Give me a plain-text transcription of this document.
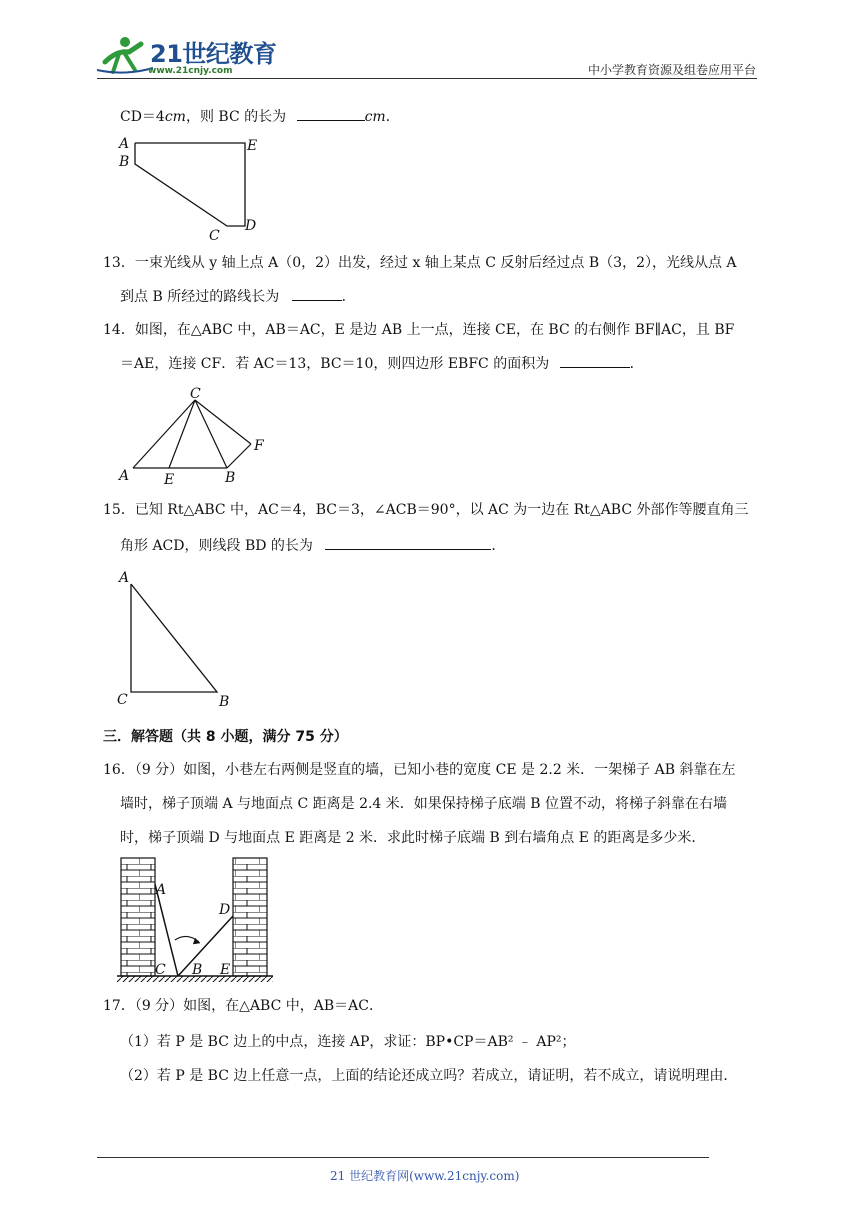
21世纪教育
www.21cnjy.com	中小学教育资源及组卷应用平台
CD＝4cm，则 BC 的长为	cm．
A
B
E
C
D
13．一束光线从 y 轴上点 A（0，2）出发，经过 x 轴上某点 C 反射后经过点 B（3，2），光线从点 A
到点 B 所经过的路线长为	．
14．如图，在△ABC 中，AB＝AC，E 是边 AB 上一点，连接 CE，在 BC 的右侧作 BF∥AC，且 BF
＝AE，连接 CF．若 AC＝13，BC＝10，则四边形 EBFC 的面积为	．
C
F
A E	B
15．已知 Rt△ABC 中，AC＝4，BC＝3，∠ACB＝90°，以 AC 为一边在 Rt△ABC 外部作等腰直角三
角形 ACD，则线段 BD 的长为	．
A
C	B
三．解答题（共 8 小题，满分 75 分）
16．（9 分）如图，小巷左右两侧是竖直的墙，已知小巷的宽度 CE 是 2.2 米．一架梯子 AB 斜靠在左
墙时，梯子顶端 A 与地面点 C 距离是 2.4 米．如果保持梯子底端 B 位置不动，将梯子斜靠在右墙
时，梯子顶端 D 与地面点 E 距离是 2 米．求此时梯子底端 B 到右墙角点 E 的距离是多少米．
A
D
C B E
17．（9 分）如图，在△ABC 中，AB＝AC．
（1）若 P 是 BC 边上的中点，连接 AP，求证：BP•CP＝AB² ﹣ AP²；
（2）若 P 是 BC 边上任意一点，上面的结论还成立吗？若成立，请证明，若不成立，请说明理由．
21 世纪教育网(www.21cnjy.com)
